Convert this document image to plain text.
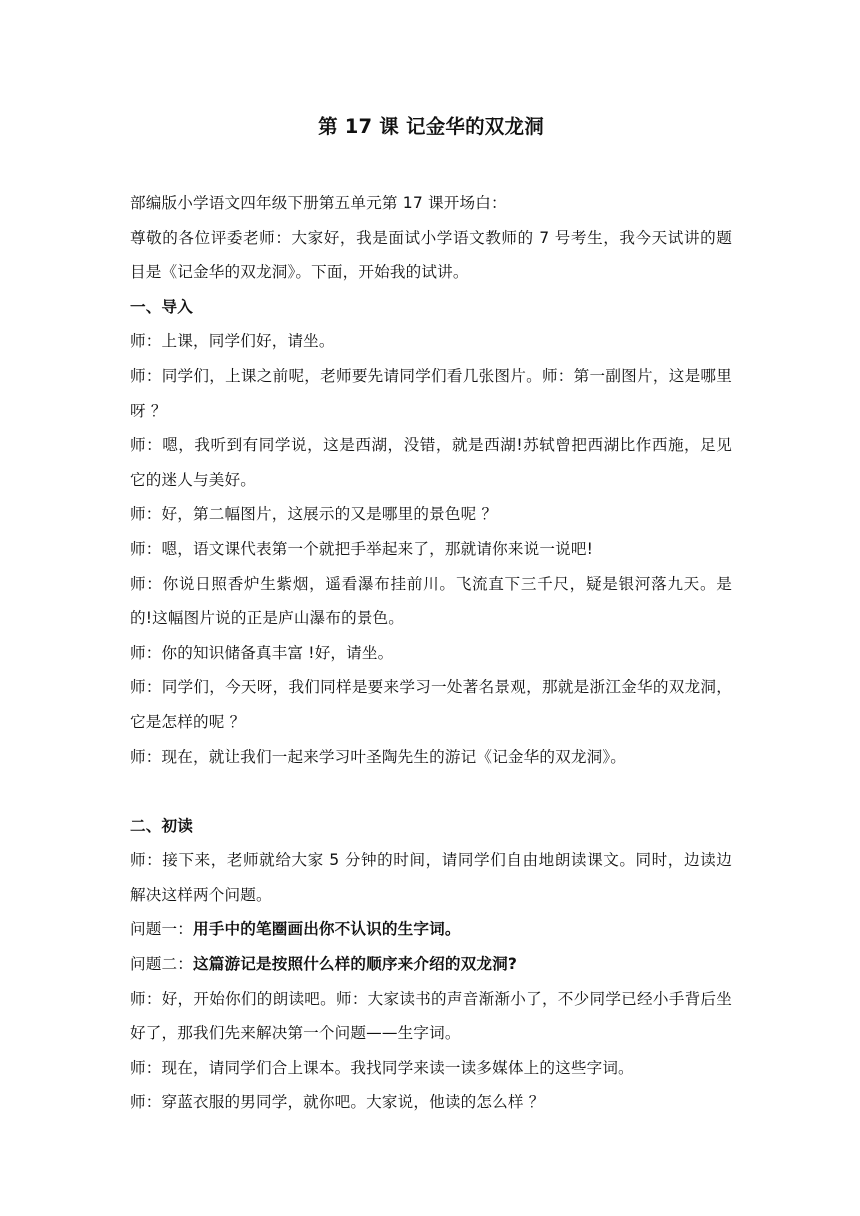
第 17 课 记金华的双龙洞

部编版小学语文四年级下册第五单元第 17 课开场白：

尊敬的各位评委老师：大家好，我是面试小学语文教师的 7 号考生，我今天试讲的题目是《记金华的双龙洞》。下面，开始我的试讲。

一、导入

师：上课，同学们好，请坐。

师：同学们，上课之前呢，老师要先请同学们看几张图片。师：第一副图片，这是哪里呀 ？

师：嗯，我听到有同学说，这是西湖，没错，就是西湖!苏轼曾把西湖比作西施，足见它的迷人与美好。

师：好，第二幅图片，这展示的又是哪里的景色呢 ？

师：嗯，语文课代表第一个就把手举起来了，那就请你来说一说吧!

师：你说日照香炉生紫烟，遥看瀑布挂前川。飞流直下三千尺，疑是银河落九天。是的!这幅图片说的正是庐山瀑布的景色。

师：你的知识储备真丰富 !好，请坐。

师：同学们，今天呀，我们同样是要来学习一处著名景观，那就是浙江金华的双龙洞，它是怎样的呢 ？

师：现在，就让我们一起来学习叶圣陶先生的游记《记金华的双龙洞》。

二、初读

师：接下来，老师就给大家 5 分钟的时间，请同学们自由地朗读课文。同时，边读边解决这样两个问题。

问题一：用手中的笔圈画出你不认识的生字词。

问题二：这篇游记是按照什么样的顺序来介绍的双龙洞?

师：好，开始你们的朗读吧。师：大家读书的声音渐渐小了，不少同学已经小手背后坐好了，那我们先来解决第一个问题——生字词。

师：现在，请同学们合上课本。我找同学来读一读多媒体上的这些字词。

师：穿蓝衣服的男同学，就你吧。大家说，他读的怎么样 ？
